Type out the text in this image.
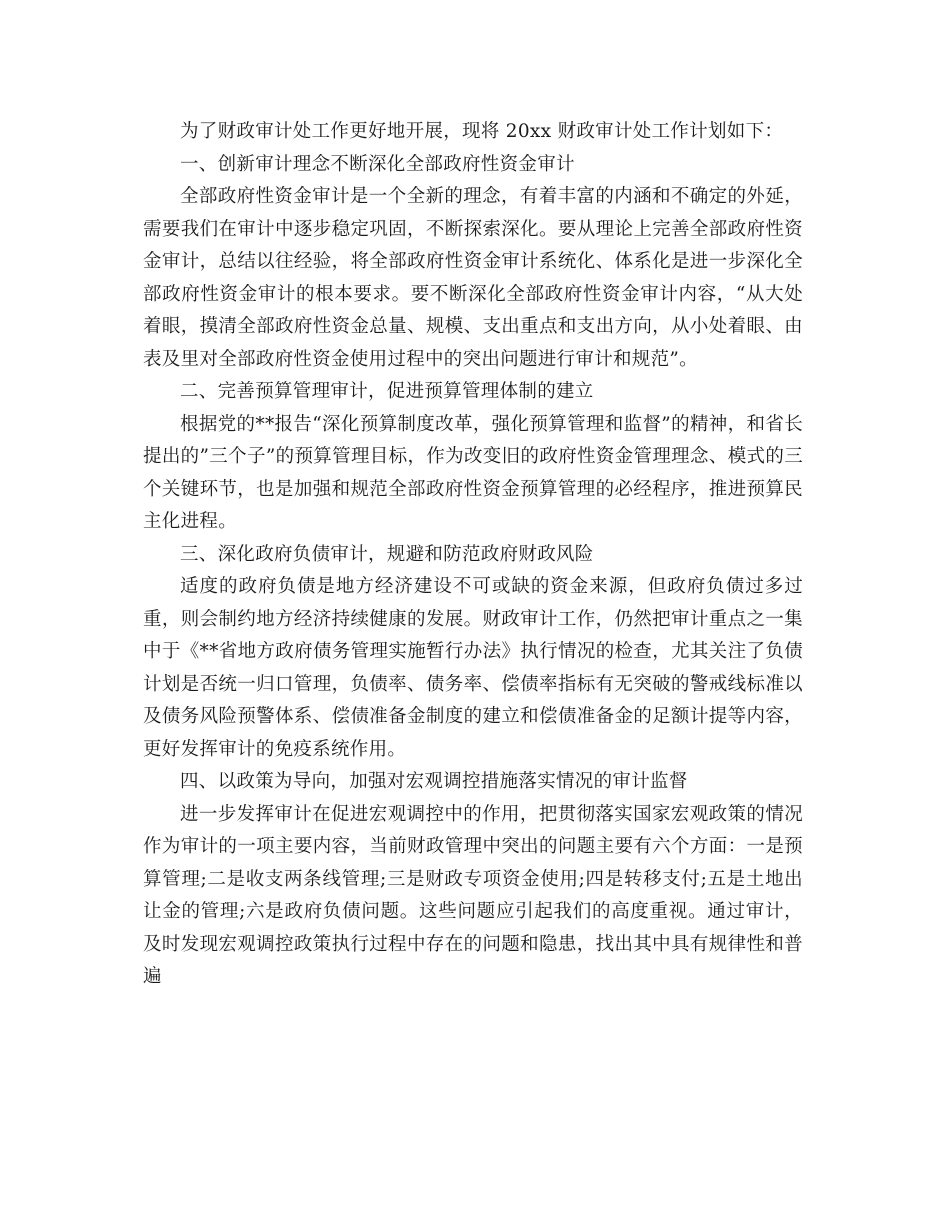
为了财政审计处工作更好地开展，现将 20xx 财政审计处工作计划如下：

一、创新审计理念不断深化全部政府性资金审计

全部政府性资金审计是一个全新的理念，有着丰富的内涵和不确定的外延，需要我们在审计中逐步稳定巩固，不断探索深化。要从理论上完善全部政府性资金审计，总结以往经验，将全部政府性资金审计系统化、体系化是进一步深化全部政府性资金审计的根本要求。要不断深化全部政府性资金审计内容，“从大处着眼，摸清全部政府性资金总量、规模、支出重点和支出方向，从小处着眼、由表及里对全部政府性资金使用过程中的突出问题进行审计和规范”。

二、完善预算管理审计，促进预算管理体制的建立

根据党的**报告“深化预算制度改革，强化预算管理和监督”的精神，和省长提出的”三个子”的预算管理目标，作为改变旧的政府性资金管理理念、模式的三个关键环节，也是加强和规范全部政府性资金预算管理的必经程序，推进预算民主化进程。

三、深化政府负债审计，规避和防范政府财政风险

适度的政府负债是地方经济建设不可或缺的资金来源，但政府负债过多过重，则会制约地方经济持续健康的发展。财政审计工作，仍然把审计重点之一集中于《**省地方政府债务管理实施暂行办法》执行情况的检查，尤其关注了负债计划是否统一归口管理，负债率、债务率、偿债率指标有无突破的警戒线标准以及债务风险预警体系、偿债准备金制度的建立和偿债准备金的足额计提等内容，更好发挥审计的免疫系统作用。

四、以政策为导向，加强对宏观调控措施落实情况的审计监督

进一步发挥审计在促进宏观调控中的作用，把贯彻落实国家宏观政策的情况作为审计的一项主要内容，当前财政管理中突出的问题主要有六个方面：一是预算管理;二是收支两条线管理;三是财政专项资金使用;四是转移支付;五是土地出让金的管理;六是政府负债问题。这些问题应引起我们的高度重视。通过审计，及时发现宏观调控政策执行过程中存在的问题和隐患，找出其中具有规律性和普遍
